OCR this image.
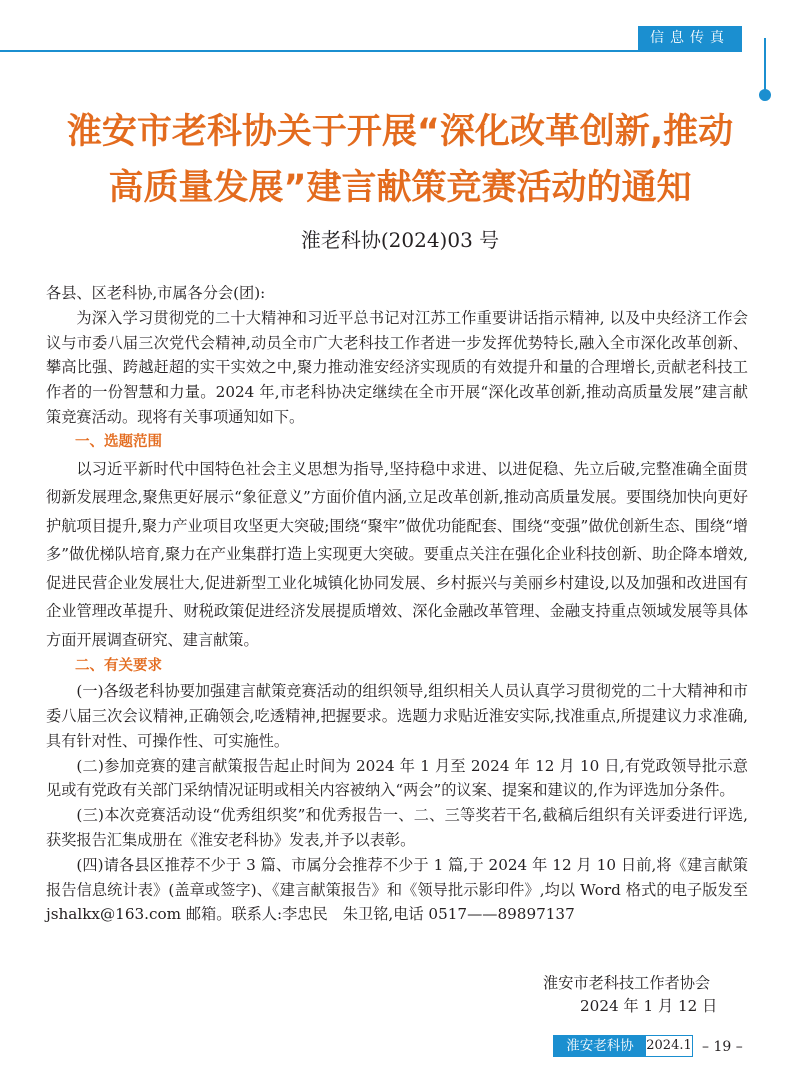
信息传真
淮安市老科协关于开展“深化改革创新,推动
高质量发展”建言献策竞赛活动的通知
淮老科协(2024)03 号

各县、区老科协,市属各分会(团):

为深入学习贯彻党的二十大精神和习近平总书记对江苏工作重要讲话指示精神, 以及中央经济工作会议与市委八届三次党代会精神,动员全市广大老科技工作者进一步发挥优势特长,融入全市深化改革创新、攀高比强、跨越赶超的实干实效之中,聚力推动淮安经济实现质的有效提升和量的合理增长,贡献老科技工作者的一份智慧和力量。2024 年,市老科协决定继续在全市开展“深化改革创新,推动高质量发展”建言献策竞赛活动。现将有关事项通知如下。

一、选题范围

以习近平新时代中国特色社会主义思想为指导,坚持稳中求进、以进促稳、先立后破,完整准确全面贯彻新发展理念,聚焦更好展示“象征意义”方面价值内涵,立足改革创新,推动高质量发展。要围绕加快向更好护航项目提升,聚力产业项目攻坚更大突破;围绕“聚牢”做优功能配套、围绕“变强”做优创新生态、围绕“增多”做优梯队培育,聚力在产业集群打造上实现更大突破。要重点关注在强化企业科技创新、助企降本增效,促进民营企业发展壮大,促进新型工业化城镇化协同发展、乡村振兴与美丽乡村建设,以及加强和改进国有企业管理改革提升、财税政策促进经济发展提质增效、深化金融改革管理、金融支持重点领域发展等具体方面开展调查研究、建言献策。

二、有关要求

(一)各级老科协要加强建言献策竞赛活动的组织领导,组织相关人员认真学习贯彻党的二十大精神和市委八届三次会议精神,正确领会,吃透精神,把握要求。选题力求贴近淮安实际,找准重点,所提建议力求准确,具有针对性、可操作性、可实施性。

(二)参加竞赛的建言献策报告起止时间为 2024 年 1 月至 2024 年 12 月 10 日,有党政领导批示意见或有党政有关部门采纳情况证明或相关内容被纳入“两会”的议案、提案和建议的,作为评选加分条件。

(三)本次竞赛活动设“优秀组织奖”和优秀报告一、二、三等奖若干名,截稿后组织有关评委进行评选,获奖报告汇集成册在《淮安老科协》发表,并予以表彰。

(四)请各县区推荐不少于 3 篇、市属分会推荐不少于 1 篇,于 2024 年 12 月 10 日前,将《建言献策报告信息统计表》(盖章或签字)、《建言献策报告》和《领导批示影印件》,均以 Word 格式的电子版发至 jshalkx@163.com 邮箱。联系人:李忠民　朱卫铭,电话 0517——89897137

淮安市老科技工作者协会
2024 年 1 月 12 日
淮安老科协 2024.1 – 19 –
